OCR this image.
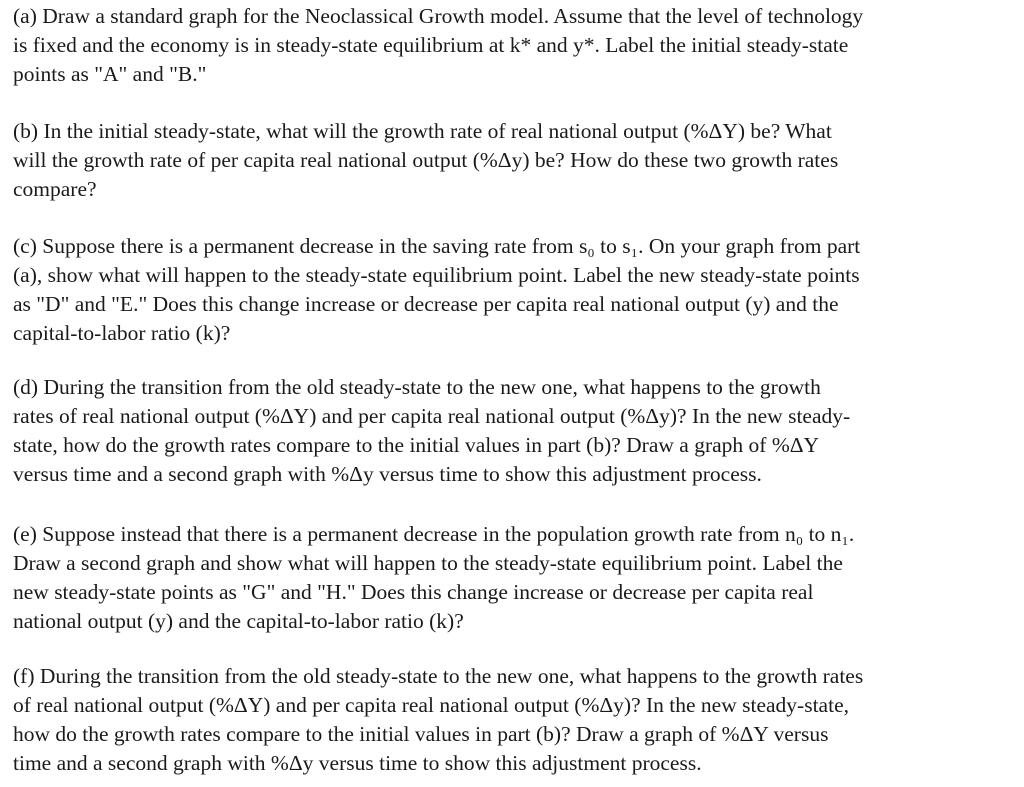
(a) Draw a standard graph for the Neoclassical Growth model. Assume that the level of technology
is fixed and the economy is in steady-state equilibrium at k* and y*. Label the initial steady-state
points as "A" and "B."
(b) In the initial steady-state, what will the growth rate of real national output (%ΔY) be? What
will the growth rate of per capita real national output (%Δy) be? How do these two growth rates
compare?
(c) Suppose there is a permanent decrease in the saving rate from s₀ to s₁. On your graph from part
(a), show what will happen to the steady-state equilibrium point. Label the new steady-state points
as "D" and "E." Does this change increase or decrease per capita real national output (y) and the
capital-to-labor ratio (k)?
(d) During the transition from the old steady-state to the new one, what happens to the growth
rates of real national output (%ΔY) and per capita real national output (%Δy)? In the new steady-
state, how do the growth rates compare to the initial values in part (b)? Draw a graph of %ΔY
versus time and a second graph with %Δy versus time to show this adjustment process.
(e) Suppose instead that there is a permanent decrease in the population growth rate from n₀ to n₁.
Draw a second graph and show what will happen to the steady-state equilibrium point. Label the
new steady-state points as "G" and "H." Does this change increase or decrease per capita real
national output (y) and the capital-to-labor ratio (k)?
(f) During the transition from the old steady-state to the new one, what happens to the growth rates
of real national output (%ΔY) and per capita real national output (%Δy)? In the new steady-state,
how do the growth rates compare to the initial values in part (b)? Draw a graph of %ΔY versus
time and a second graph with %Δy versus time to show this adjustment process.
